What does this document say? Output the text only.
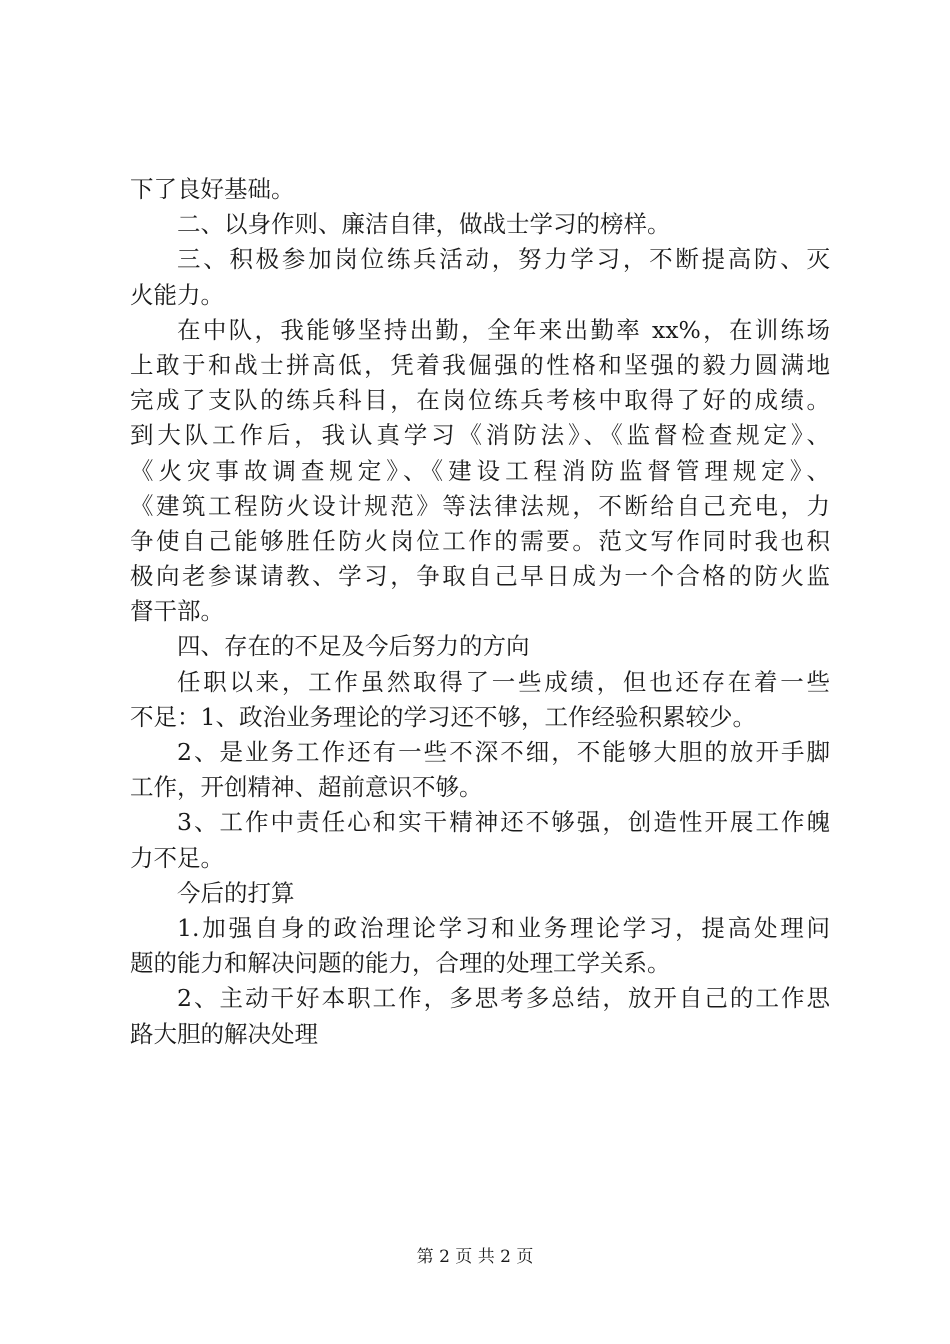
下了良好基础。
二、以身作则、廉洁自律，做战士学习的榜样。
三、积极参加岗位练兵活动，努力学习，不断提高防、灭
火能力。
在中队，我能够坚持出勤，全年来出勤率 xx%，在训练场
上敢于和战士拼高低，凭着我倔强的性格和坚强的毅力圆满地
完成了支队的练兵科目，在岗位练兵考核中取得了好的成绩。
到大队工作后，我认真学习《消防法》、《监督检查规定》、
《火灾事故调查规定》、《建设工程消防监督管理规定》、
《建筑工程防火设计规范》等法律法规，不断给自己充电，力
争使自己能够胜任防火岗位工作的需要。范文写作同时我也积
极向老参谋请教、学习，争取自己早日成为一个合格的防火监
督干部。
四、存在的不足及今后努力的方向
任职以来，工作虽然取得了一些成绩，但也还存在着一些
不足：1、政治业务理论的学习还不够，工作经验积累较少。
2、是业务工作还有一些不深不细，不能够大胆的放开手脚
工作，开创精神、超前意识不够。
3、工作中责任心和实干精神还不够强，创造性开展工作魄
力不足。
今后的打算
1.加强自身的政治理论学习和业务理论学习，提高处理问
题的能力和解决问题的能力，合理的处理工学关系。
2、主动干好本职工作，多思考多总结，放开自己的工作思
路大胆的解决处理
第 2 页 共 2 页
